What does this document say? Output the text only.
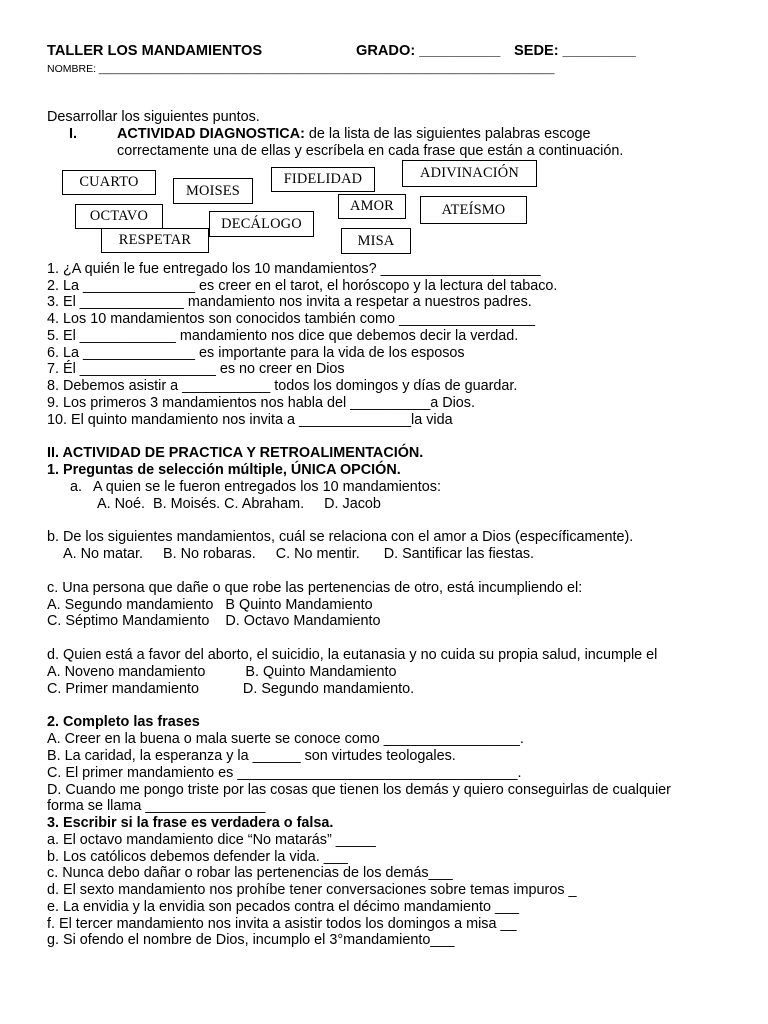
TALLER LOS MANDAMIENTOS	GRADO: __________ SEDE: _________
NOMBRE: ______________________________________________________________________________
Desarrollar los siguientes puntos.
I.	ACTIVIDAD DIAGNOSTICA: de la lista de las siguientes palabras escoge
correctamente una de ellas y escríbela en cada frase que están a continuación.
CUARTO
MOISES
FIDELIDAD	ADIVINACIÓN
AMOR	ATEÍSMO
OCTAVO	DECÁLOGO
RESPETAR	MISA
1. ¿A quién le fue entregado los 10 mandamientos? ____________________
2. La ______________ es creer en el tarot, el horóscopo y la lectura del tabaco.
3. El _____________ mandamiento nos invita a respetar a nuestros padres.
4. Los 10 mandamientos son conocidos también como _________________
5. El ____________ mandamiento nos dice que debemos decir la verdad.
6. La ______________ es importante para la vida de los esposos
7. Él _________________ es no creer en Dios
8. Debemos asistir a ___________ todos los domingos y días de guardar.
9. Los primeros 3 mandamientos nos habla del __________a Dios.
10. El quinto mandamiento nos invita a ______________la vida
II. ACTIVIDAD DE PRACTICA Y RETROALIMENTACIÓN.
1. Preguntas de selección múltiple, ÚNICA OPCIÓN.
a. A quien se le fueron entregados los 10 mandamientos:
A. Noé.  B. Moisés. C. Abraham.     D. Jacob
b. De los siguientes mandamientos, cuál se relaciona con el amor a Dios (específicamente).
A. No matar.     B. No robaras.     C. No mentir.      D. Santificar las fiestas.
c. Una persona que dañe o que robe las pertenencias de otro, está incumpliendo el:
A. Segundo mandamiento   B Quinto Mandamiento
C. Séptimo Mandamiento    D. Octavo Mandamiento
d. Quien está a favor del aborto, el suicidio, la eutanasia y no cuida su propia salud, incumple el
A. Noveno mandamiento          B. Quinto Mandamiento
C. Primer mandamiento           D. Segundo mandamiento.
2. Completo las frases
A. Creer en la buena o mala suerte se conoce como _________________.
B. La caridad, la esperanza y la ______ son virtudes teologales.
C. El primer mandamiento es ___________________________________.
D. Cuando me pongo triste por las cosas que tienen los demás y quiero conseguirlas de cualquier
forma se llama _______________
3. Escribir si la frase es verdadera o falsa.
a. El octavo mandamiento dice “No matarás” _____
b. Los católicos debemos defender la vida. ___
c. Nunca debo dañar o robar las pertenencias de los demás___
d. El sexto mandamiento nos prohíbe tener conversaciones sobre temas impuros _
e. La envidia y la envidia son pecados contra el décimo mandamiento ___
f. El tercer mandamiento nos invita a asistir todos los domingos a misa __
g. Si ofendo el nombre de Dios, incumplo el 3°mandamiento___
